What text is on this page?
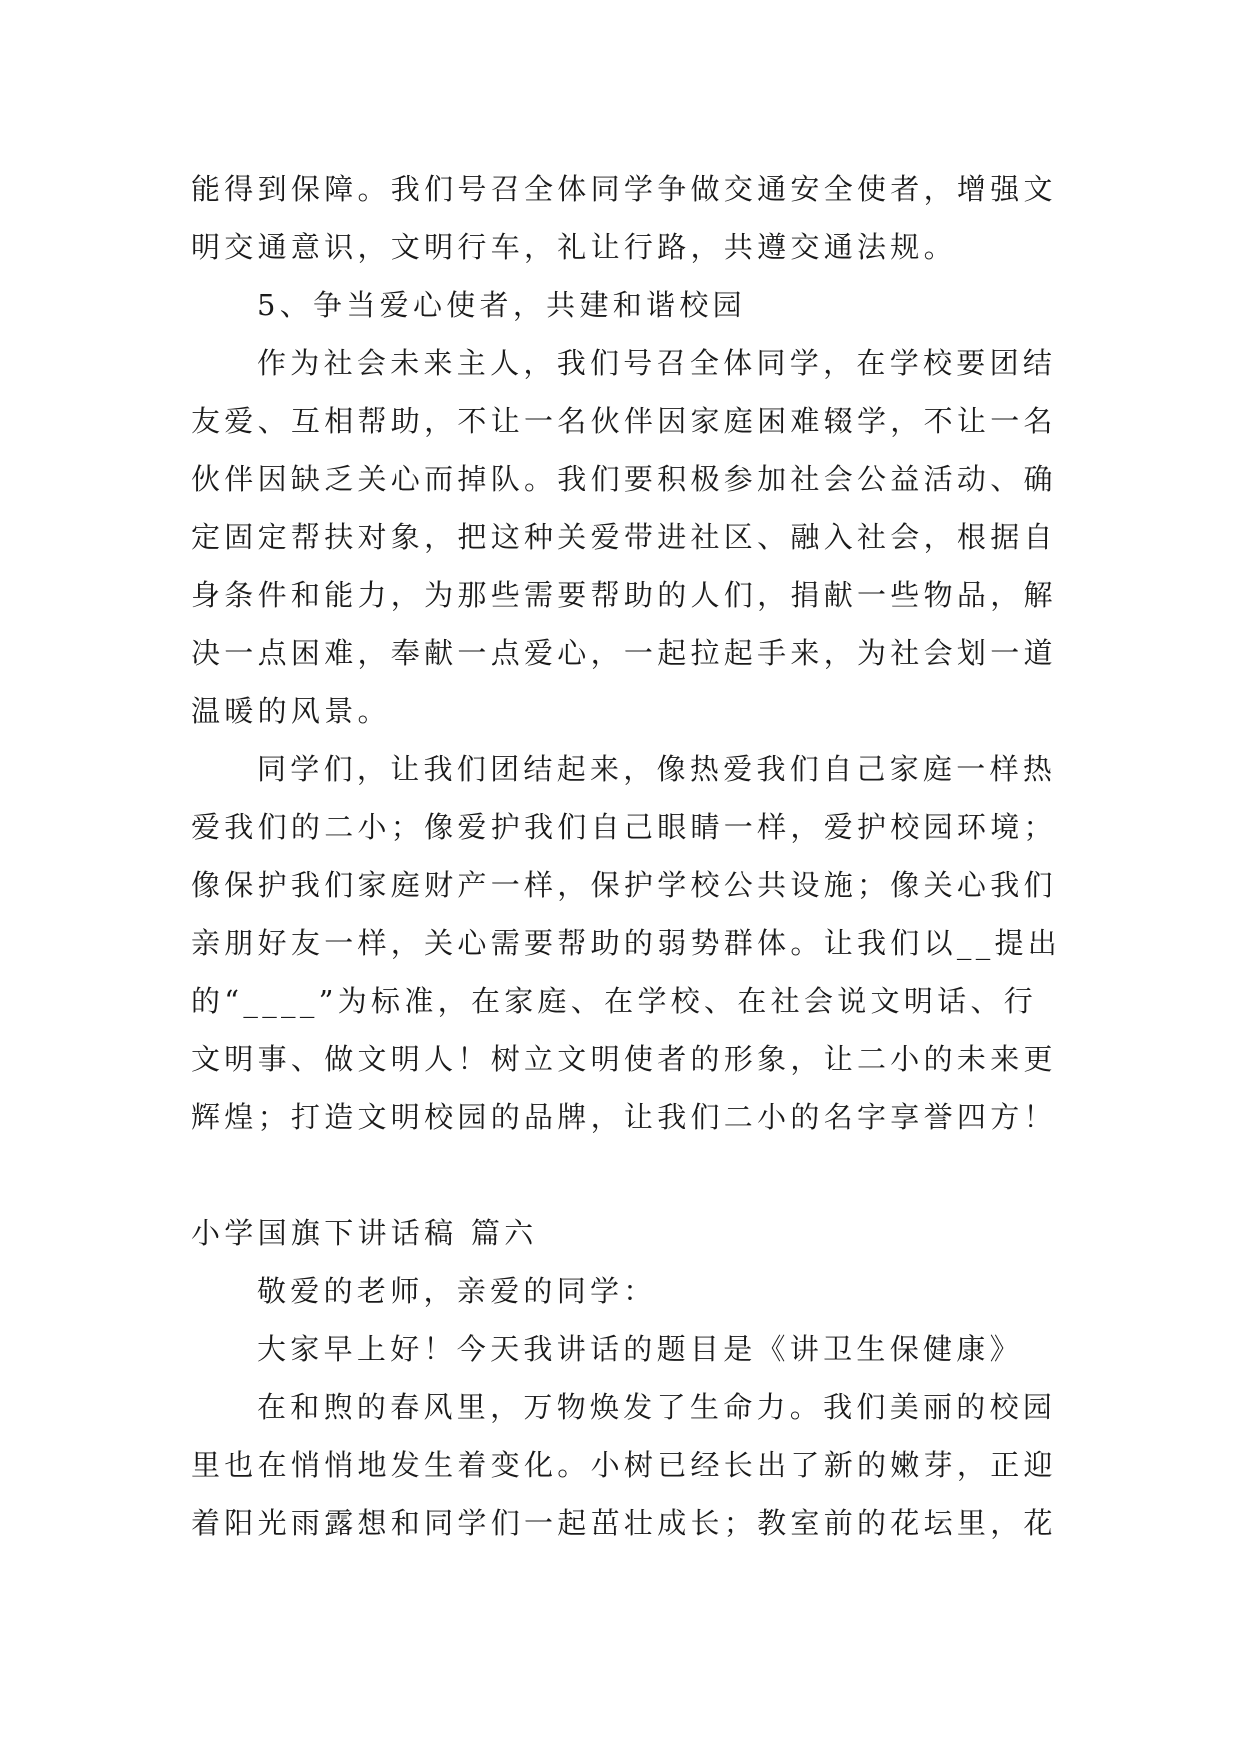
能得到保障。我们号召全体同学争做交通安全使者，增强文
明交通意识，文明行车，礼让行路，共遵交通法规。
5、争当爱心使者，共建和谐校园
作为社会未来主人，我们号召全体同学，在学校要团结
友爱、互相帮助，不让一名伙伴因家庭困难辍学，不让一名
伙伴因缺乏关心而掉队。我们要积极参加社会公益活动、确
定固定帮扶对象，把这种关爱带进社区、融入社会，根据自
身条件和能力，为那些需要帮助的人们，捐献一些物品，解
决一点困难，奉献一点爱心，一起拉起手来，为社会划一道
温暖的风景。
同学们，让我们团结起来，像热爱我们自己家庭一样热
爱我们的二小；像爱护我们自己眼睛一样，爱护校园环境；
像保护我们家庭财产一样，保护学校公共设施；像关心我们
亲朋好友一样，关心需要帮助的弱势群体。让我们以__提出
的“____”为标准，在家庭、在学校、在社会说文明话、行
文明事、做文明人！树立文明使者的形象，让二小的未来更
辉煌；打造文明校园的品牌，让我们二小的名字享誉四方！
小学国旗下讲话稿 篇六
敬爱的老师，亲爱的同学：
大家早上好！今天我讲话的题目是《讲卫生保健康》
在和煦的春风里，万物焕发了生命力。我们美丽的校园
里也在悄悄地发生着变化。小树已经长出了新的嫩芽，正迎
着阳光雨露想和同学们一起茁壮成长；教室前的花坛里，花
